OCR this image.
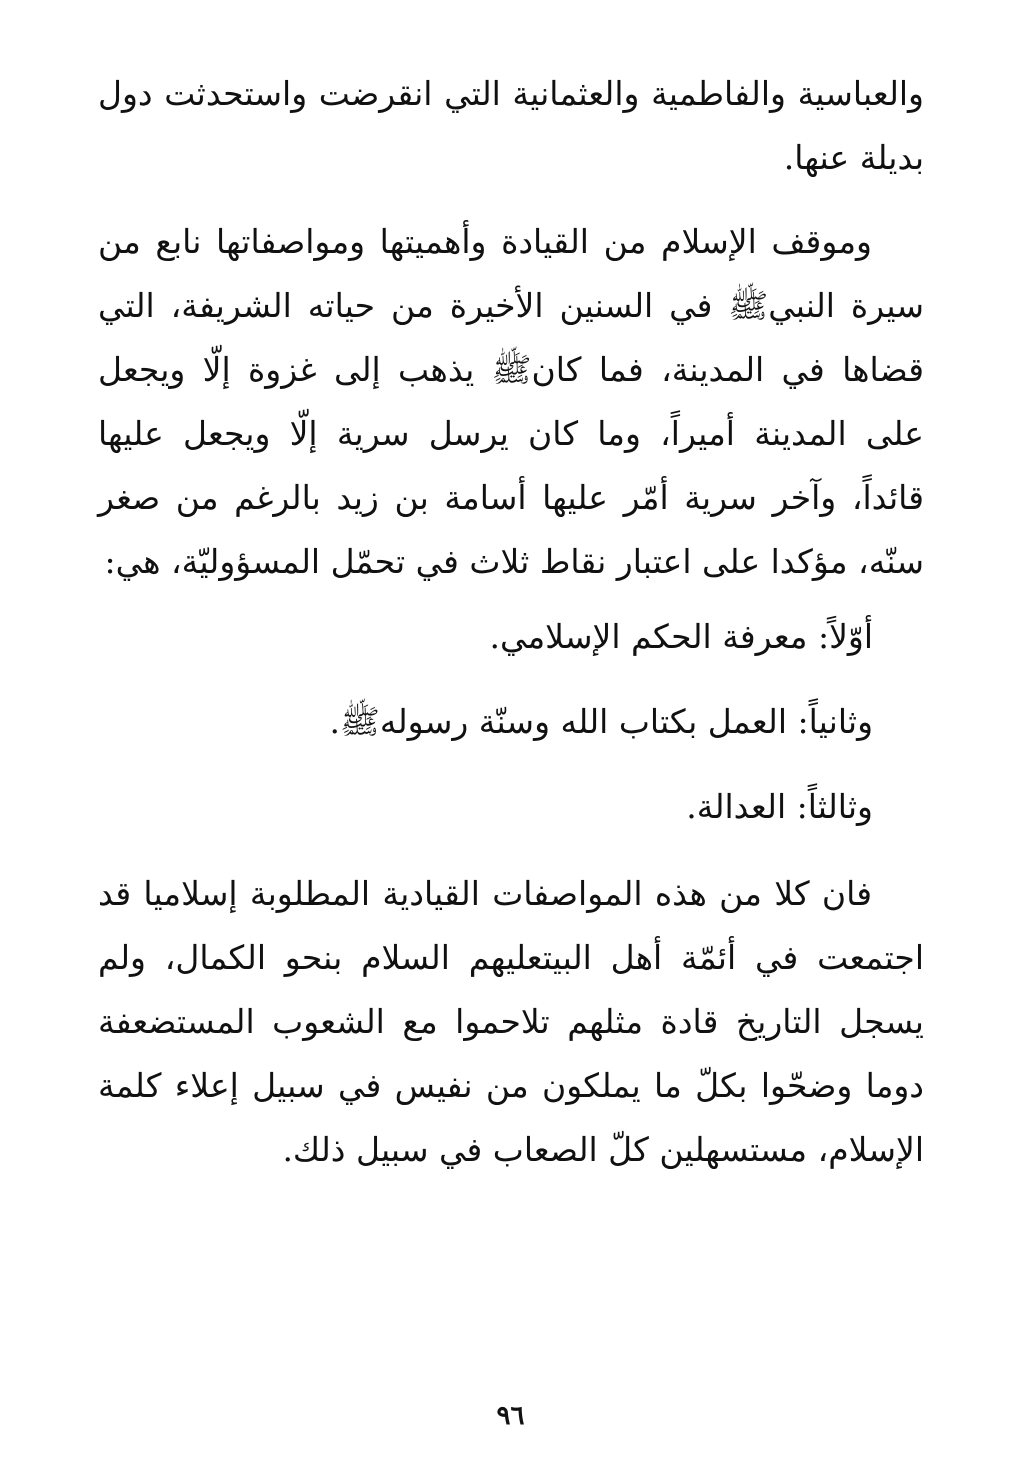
والعباسية والفاطمية والعثمانية التي انقرضت واستحدثت دول بديلة عنها.

وموقف الإسلام من القيادة وأهميتها ومواصفاتها نابع من سيرة النبيﷺ في السنين الأخيرة من حياته الشريفة، التي قضاها في المدينة، فما كانﷺ يذهب إلى غزوة إلّا ويجعل على المدينة أميراً، وما كان يرسل سرية إلّا ويجعل عليها قائداً، وآخر سرية أمّر عليها أسامة بن زيد بالرغم من صغر سنّه، مؤكدا على اعتبار نقاط ثلاث في تحمّل المسؤوليّة، هي:

أوّلاً: معرفة الحكم الإسلامي.
وثانياً: العمل بكتاب الله وسنّة رسولهﷺ.
وثالثاً: العدالة.

فان كلا من هذه المواصفات القيادية المطلوبة إسلاميا قد اجتمعت في أئمّة أهل البيتعليهم السلام بنحو الكمال، ولم يسجل التاريخ قادة مثلهم تلاحموا مع الشعوب المستضعفة دوما وضحّوا بكلّ ما يملكون من نفيس في سبيل إعلاء كلمة الإسلام، مستسهلين كلّ الصعاب في سبيل ذلك.

٩٦
